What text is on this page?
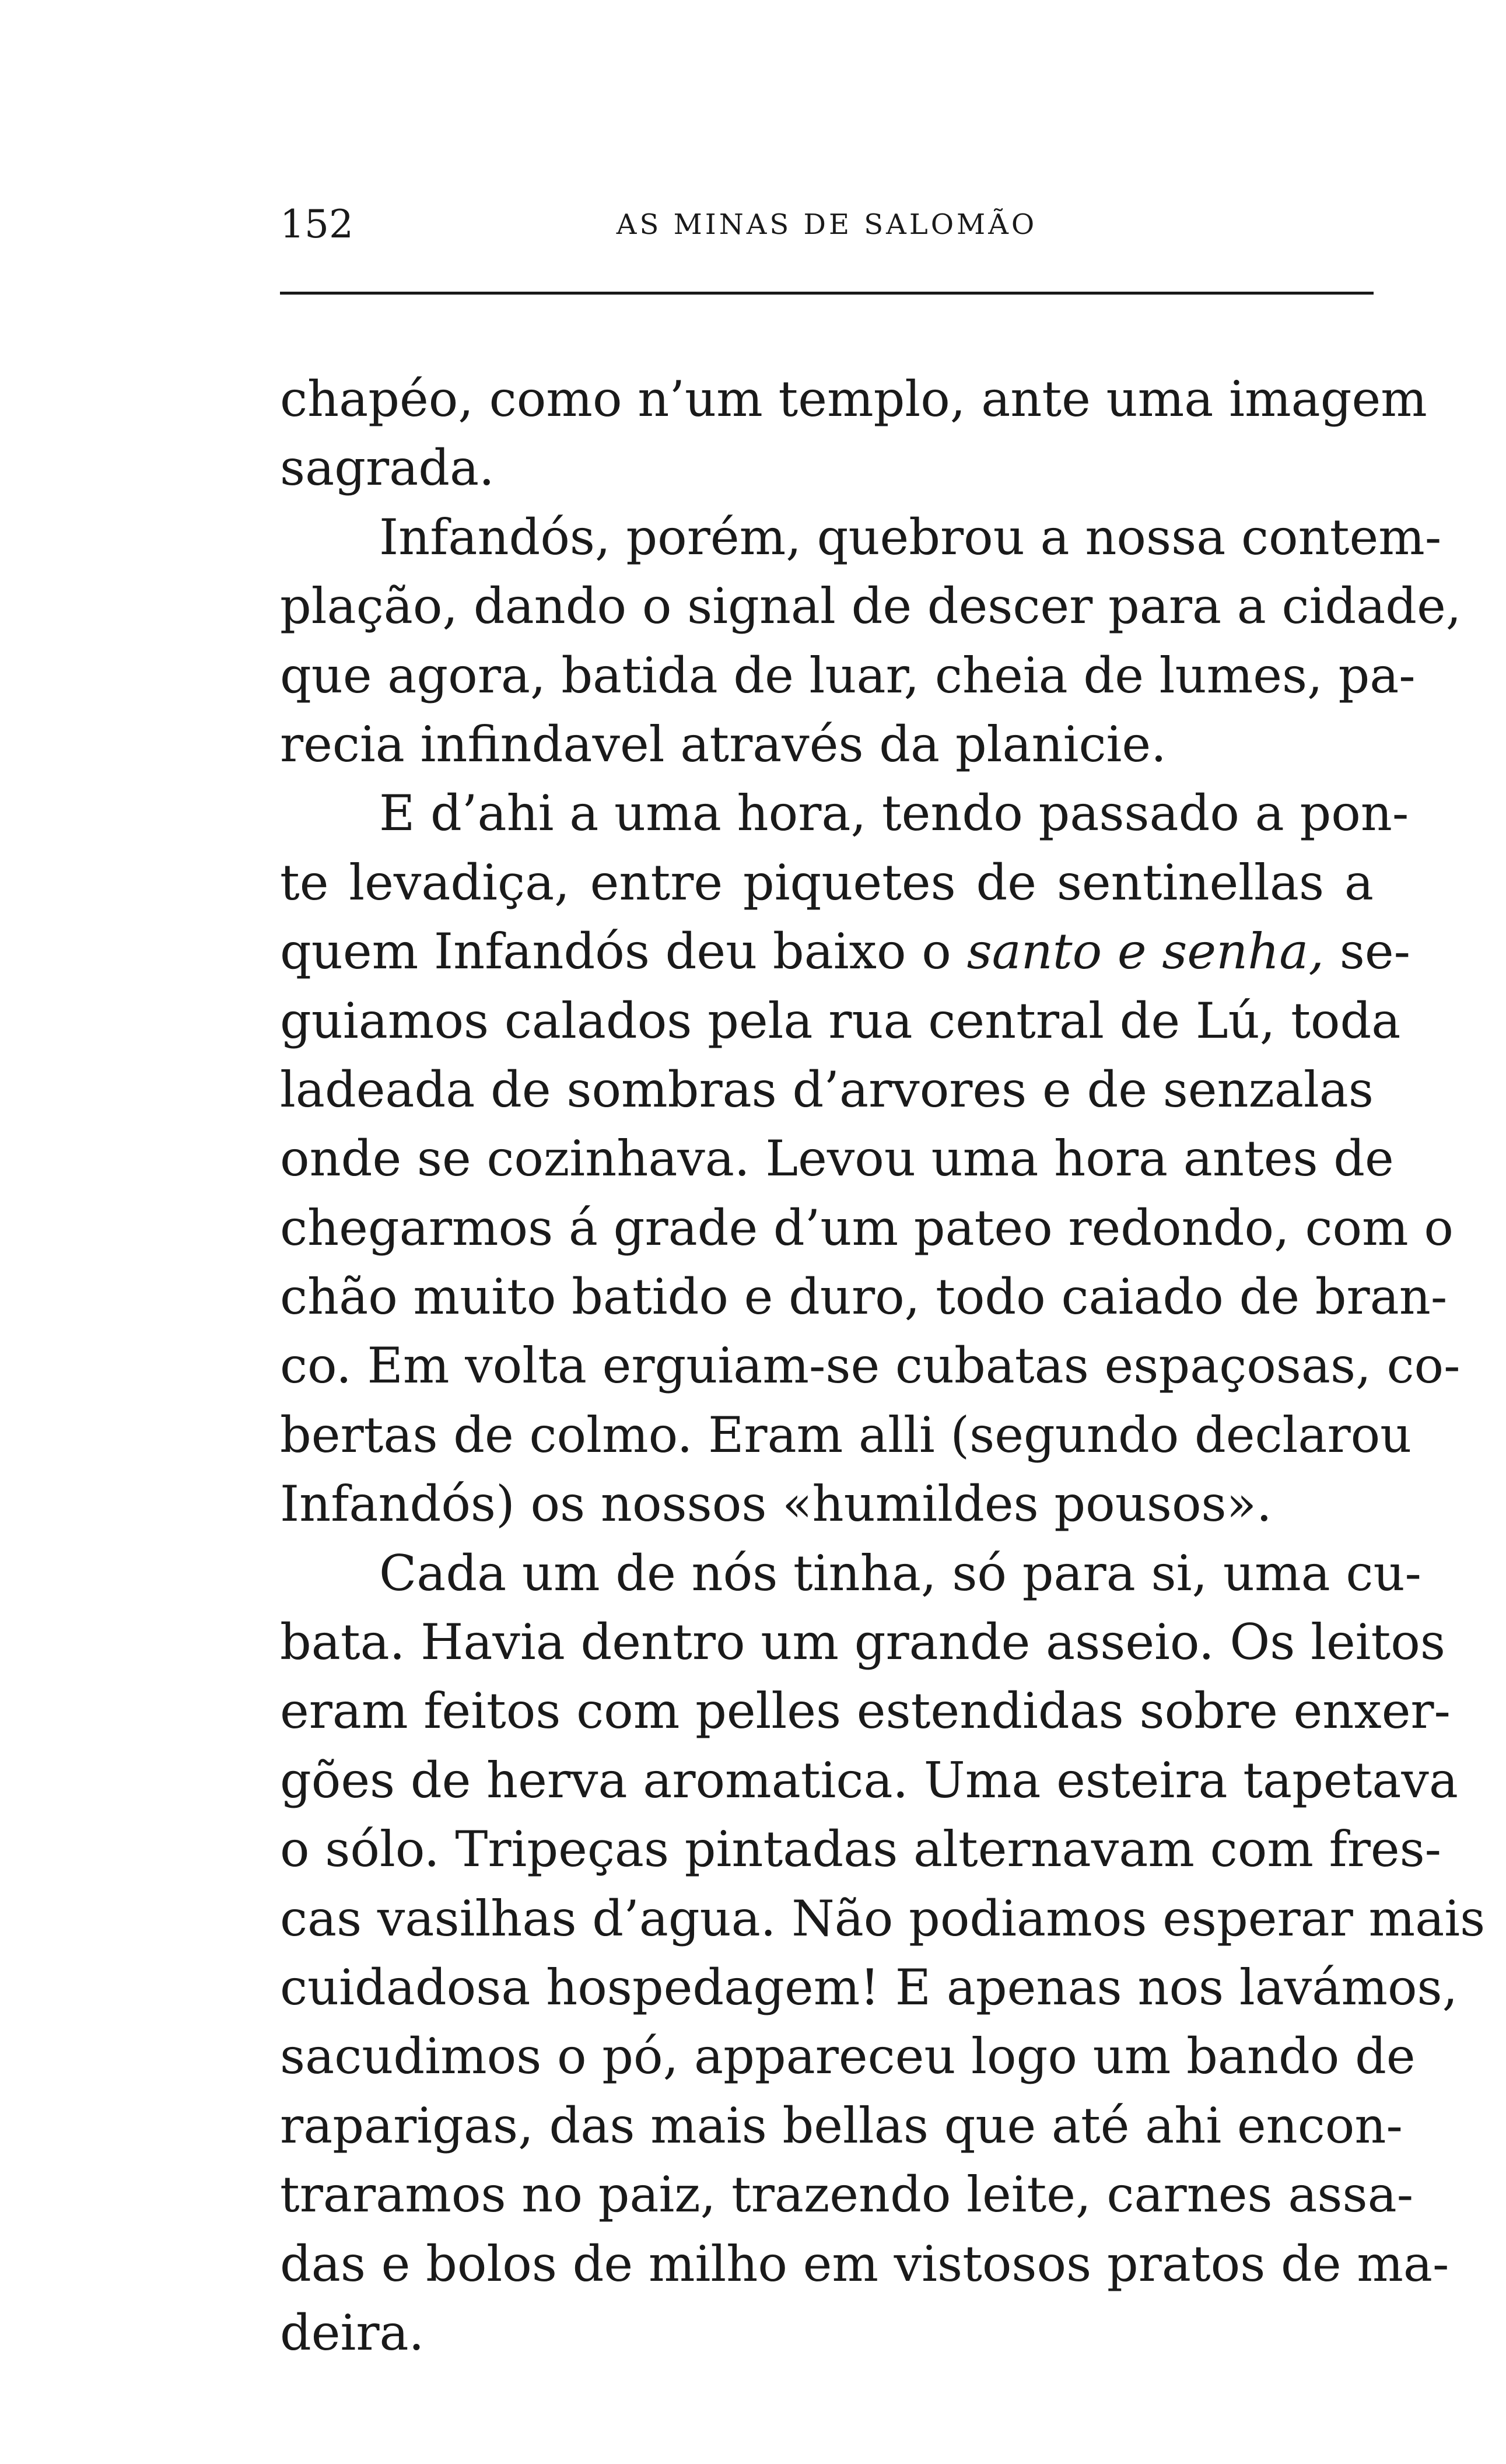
152	AS MINAS DE SALOMÃO
chapéo, como n’um templo, ante uma imagem
sagrada.
Infandós, porém, quebrou a nossa contem-
plação, dando o signal de descer para a cidade,
que agora, batida de luar, cheia de lumes, pa-
recia infindavel através da planicie.
E d’ahi a uma hora, tendo passado a pon-
te levadiça, entre piquetes de sentinellas a
quem Infandós deu baixo o santo e senha, se-
guiamos calados pela rua central de Lú, toda
ladeada de sombras d’arvores e de senzalas
onde se cozinhava. Levou uma hora antes de
chegarmos á grade d’um pateo redondo, com o
chão muito batido e duro, todo caiado de bran-
co. Em volta erguiam-se cubatas espaçosas, co-
bertas de colmo. Eram alli (segundo declarou
Infandós) os nossos «humildes pousos».
Cada um de nós tinha, só para si, uma cu-
bata. Havia dentro um grande asseio. Os leitos
eram feitos com pelles estendidas sobre enxer-
gões de herva aromatica. Uma esteira tapetava
o sólo. Tripeças pintadas alternavam com fres-
cas vasilhas d’agua. Não podiamos esperar mais
cuidadosa hospedagem! E apenas nos lavámos,
sacudimos o pó, appareceu logo um bando de
raparigas, das mais bellas que até ahi encon-
traramos no paiz, trazendo leite, carnes assa-
das e bolos de milho em vistosos pratos de ma-
deira.
